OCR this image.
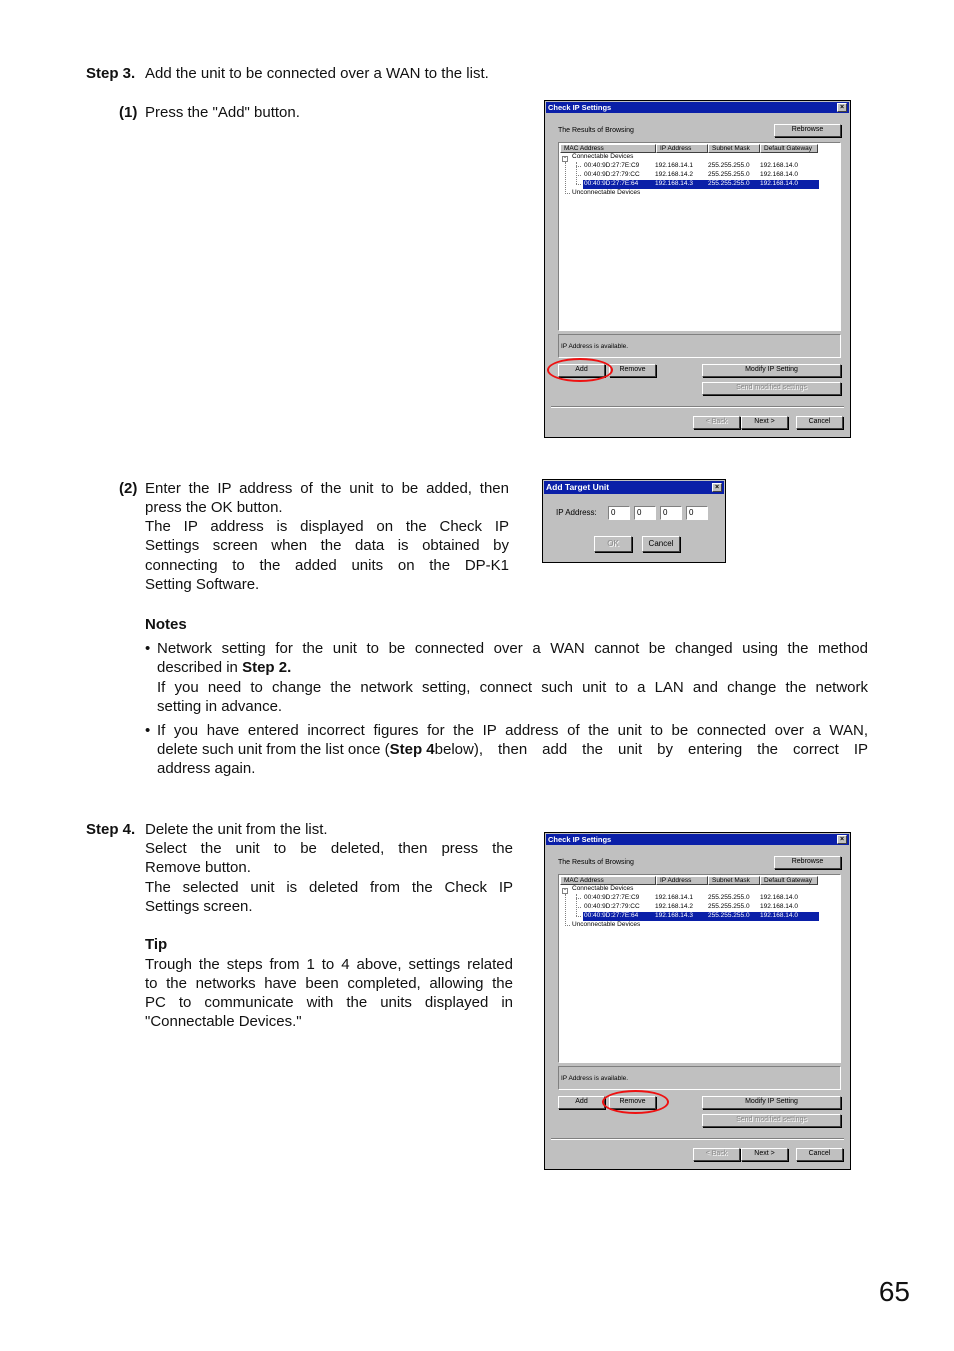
Step 3. Add the unit to be connected over a WAN to the list.
(1) Press the "Add" button.	Check IP Settings	×
The Results of Browsing	Rebrowse
MAC Address	IP Address	Subnet Mask	Default Gateway
- Connectable Devices
00:40:9D:27:7E:C9 192.168.14.1 255.255.255.0 192.168.14.0
00:40:9D:27:79:CC 192.168.14.2 255.255.255.0 192.168.14.0
00:40:9D:27:7E:64	192.168.14.3 255.255.255.0 192.168.14.0
Unconnectable Devices
IP Address is available.
Add	Remove	Modify IP Setting
Send modified settings
< Back	Next >	Cancel
(2) Enter the IP address of the unit to be added, then
press the OK button.
The IP address is displayed on the Check IP
Settings screen when the data is obtained by
connecting to the added units on the DP-K1
Setting Software.
Add Target Unit	×
IP Address:	0	0	0	0
OK	Cancel
Notes
• Network setting for the unit to be connected over a WAN cannot be changed using the method
described in Step 2.
If you need to change the network setting, connect such unit to a LAN and change the network
setting in advance.
• If you have entered incorrect figures for the IP address of the unit to be connected over a WAN,
delete such unit from the list once (Step 4 below), then add the unit by entering the correct IP
address again.
Step 4. Delete the unit from the list.
Select the unit to be deleted, then press the
Remove button.
The selected unit is deleted from the Check IP
Settings screen.
Tip
Trough the steps from 1 to 4 above, settings related
to the networks have been completed, allowing the
PC to communicate with the units displayed in
"Connectable Devices."
Check IP Settings	×
The Results of Browsing	Rebrowse
MAC Address	IP Address	Subnet Mask	Default Gateway
- Connectable Devices
00:40:9D:27:7E:C9 192.168.14.1 255.255.255.0 192.168.14.0
00:40:9D:27:79:CC 192.168.14.2 255.255.255.0 192.168.14.0
00:40:9D:27:7E:64	192.168.14.3 255.255.255.0 192.168.14.0
Unconnectable Devices
IP Address is available.
Add	Remove	Modify IP Setting
Send modified settings
< Back	Next >	Cancel
65
